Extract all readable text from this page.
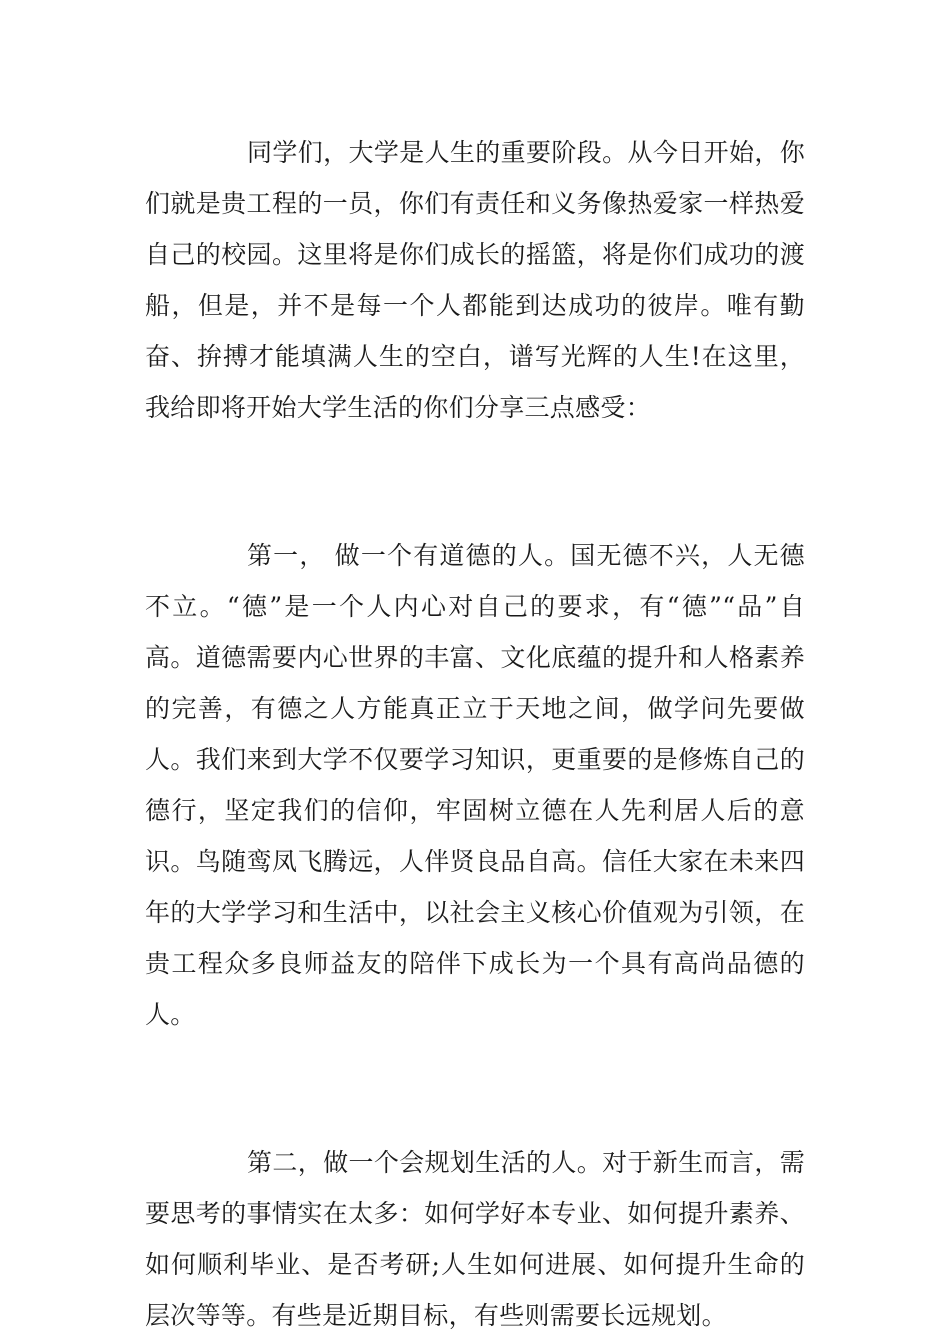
同学们，大学是人生的重要阶段。从今日开始，你们就是贵工程的一员，你们有责任和义务像热爱家一样热爱自己的校园。这里将是你们成长的摇篮，将是你们成功的渡船，但是，并不是每一个人都能到达成功的彼岸。唯有勤奋、拚搏才能填满人生的空白，谱写光辉的人生!在这里，我给即将开始大学生活的你们分享三点感受：

第一， 做一个有道德的人。国无德不兴，人无德不立。“德”是一个人内心对自己的要求，有“德”“品”自高。道德需要内心世界的丰富、文化底蕴的提升和人格素养的完善，有德之人方能真正立于天地之间，做学问先要做人。我们来到大学不仅要学习知识，更重要的是修炼自己的德行，坚定我们的信仰，牢固树立德在人先利居人后的意识。鸟随鸾凤飞腾远，人伴贤良品自高。信任大家在未来四年的大学学习和生活中，以社会主义核心价值观为引领，在贵工程众多良师益友的陪伴下成长为一个具有高尚品德的人。

第二，做一个会规划生活的人。对于新生而言，需要思考的事情实在太多：如何学好本专业、如何提升素养、如何顺利毕业、是否考研;人生如何进展、如何提升生命的层次等等。有些是近期目标，有些则需要长远规划。
